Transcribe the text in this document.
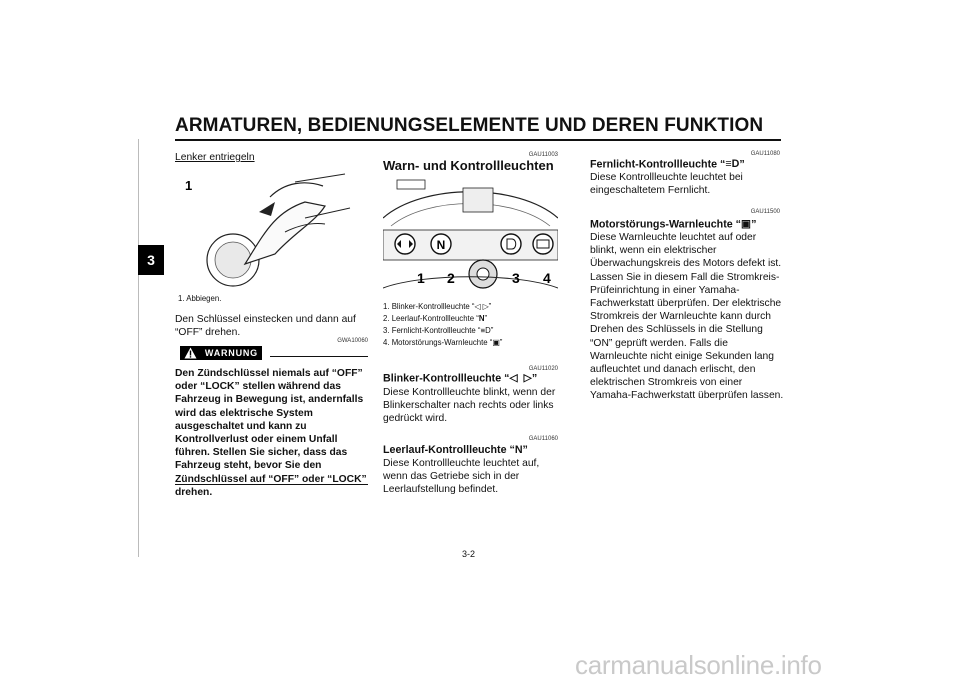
ARMATUREN, BEDIENUNGSELEMENTE UND DEREN FUNKTION
3
Lenker entriegeln
1
1. Abbiegen.
Den Schlüssel einstecken und dann auf “OFF” drehen.
GWA10060
WARNUNG
Den Zündschlüssel niemals auf “OFF” oder “LOCK” stellen während das Fahrzeug in Bewegung ist, andernfalls wird das elektrische System ausgeschaltet und kann zu Kontrollverlust oder einem Unfall führen. Stellen Sie sicher, dass das Fahrzeug steht, bevor Sie den Zündschlüssel auf “OFF” oder “LOCK” drehen.
GAU11003
Warn- und Kontrollleuchten
N
1 2	3 4
1. Blinker-Kontrollleuchte “◁ ▷”
2. Leerlauf-Kontrollleuchte “N”
3. Fernlicht-Kontrollleuchte “≡D”
4. Motorstörungs-Warnleuchte “▣”
GAU11020
Blinker-Kontrollleuchte “◁  ▷”
Diese Kontrollleuchte blinkt, wenn der Blinkerschalter nach rechts oder links gedrückt wird.
GAU11060
Leerlauf-Kontrollleuchte “N”
Diese Kontrollleuchte leuchtet auf, wenn das Getriebe sich in der Leerlaufstellung befindet.
GAU11080
Fernlicht-Kontrollleuchte “≡D”
Diese Kontrollleuchte leuchtet bei eingeschaltetem Fernlicht.
GAU11500
Motorstörungs-Warnleuchte “▣”
Diese Warnleuchte leuchtet auf oder blinkt, wenn ein elektrischer Überwachungskreis des Motors defekt ist. Lassen Sie in diesem Fall die Stromkreis-Prüfeinrichtung in einer Yamaha-Fachwerkstatt überprüfen. Der elektrische Stromkreis der Warnleuchte kann durch Drehen des Schlüssels in die Stellung “ON” geprüft werden. Falls die Warnleuchte nicht einige Sekunden lang aufleuchtet und danach erlischt, den elektrischen Stromkreis von einer Yamaha-Fachwerkstatt überprüfen lassen.
3-2
carmanualsonline.info
